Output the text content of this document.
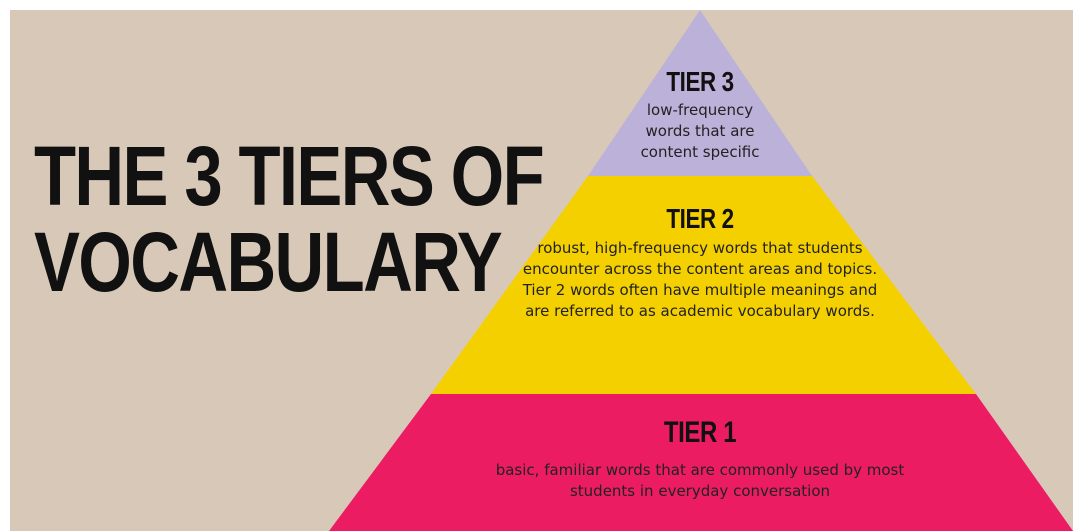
THE 3 TIERS OF
VOCABULARY
TIER 3
low-frequency words that are content specific
TIER 2
robust, high-frequency words that students encounter across the content areas and topics. Tier 2 words often have multiple meanings and are referred to as academic vocabulary words.
TIER 1
basic, familiar words that are commonly used by most students in everyday conversation
